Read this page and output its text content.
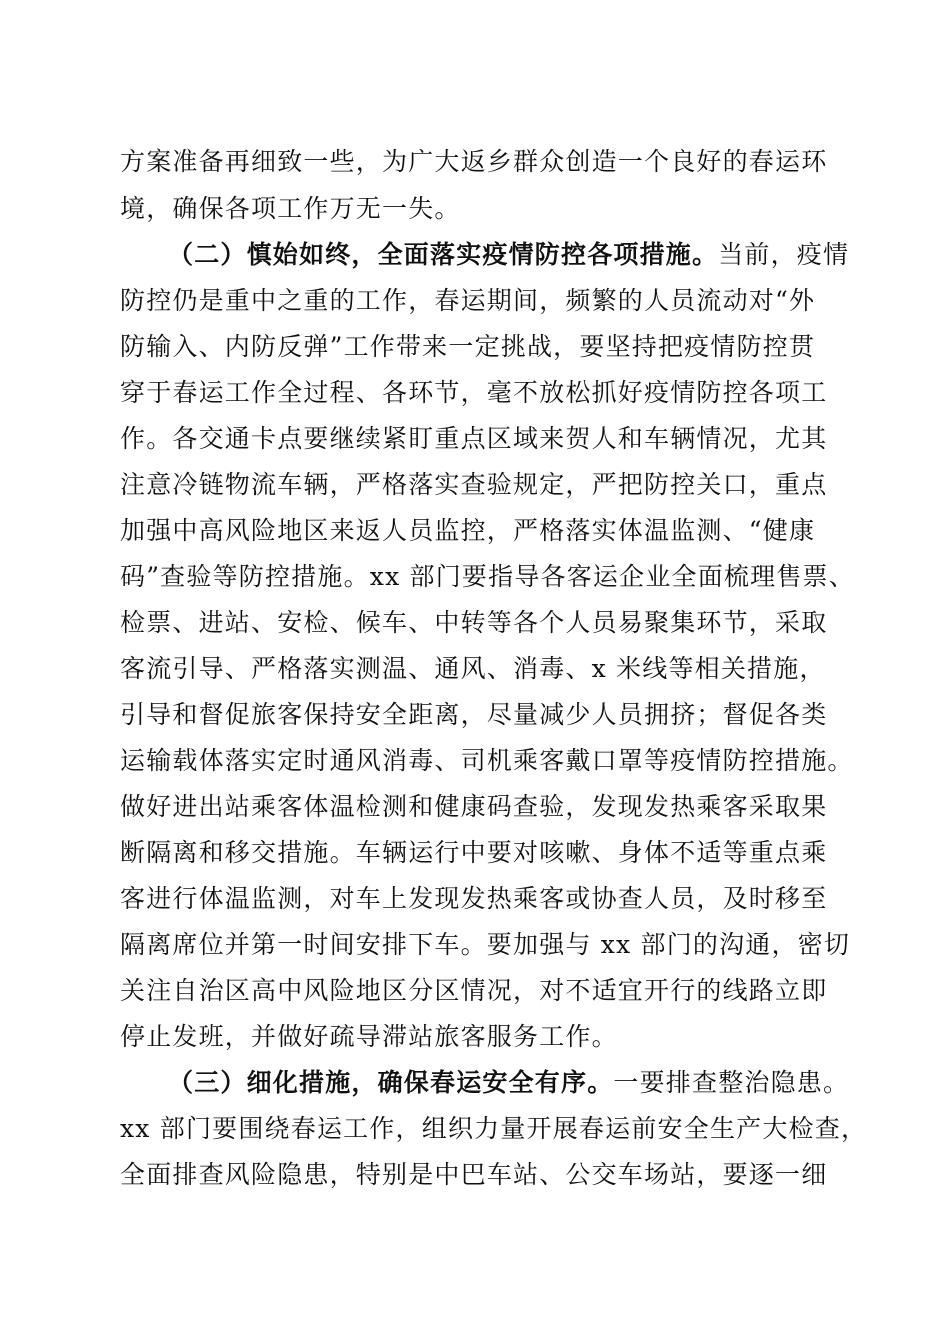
方案准备再细致一些，为广大返乡群众创造一个良好的春运环
境，确保各项工作万无一失。
（二）慎始如终，全面落实疫情防控各项措施。当前，疫情
防控仍是重中之重的工作，春运期间，频繁的人员流动对“外
防输入、内防反弹”工作带来一定挑战，要坚持把疫情防控贯
穿于春运工作全过程、各环节，毫不放松抓好疫情防控各项工
作。各交通卡点要继续紧盯重点区域来贺人和车辆情况，尤其
注意冷链物流车辆，严格落实查验规定，严把防控关口，重点
加强中高风险地区来返人员监控，严格落实体温监测、“健康
码”查验等防控措施。xx 部门要指导各客运企业全面梳理售票、
检票、进站、安检、候车、中转等各个人员易聚集环节，采取
客流引导、严格落实测温、通风、消毒、x 米线等相关措施，
引导和督促旅客保持安全距离，尽量减少人员拥挤；督促各类
运输载体落实定时通风消毒、司机乘客戴口罩等疫情防控措施。
做好进出站乘客体温检测和健康码查验，发现发热乘客采取果
断隔离和移交措施。车辆运行中要对咳嗽、身体不适等重点乘
客进行体温监测，对车上发现发热乘客或协查人员，及时移至
隔离席位并第一时间安排下车。要加强与 xx 部门的沟通，密切
关注自治区高中风险地区分区情况，对不适宜开行的线路立即
停止发班，并做好疏导滞站旅客服务工作。
（三）细化措施，确保春运安全有序。一要排查整治隐患。
xx 部门要围绕春运工作，组织力量开展春运前安全生产大检查，
全面排查风险隐患，特别是中巴车站、公交车场站，要逐一细
